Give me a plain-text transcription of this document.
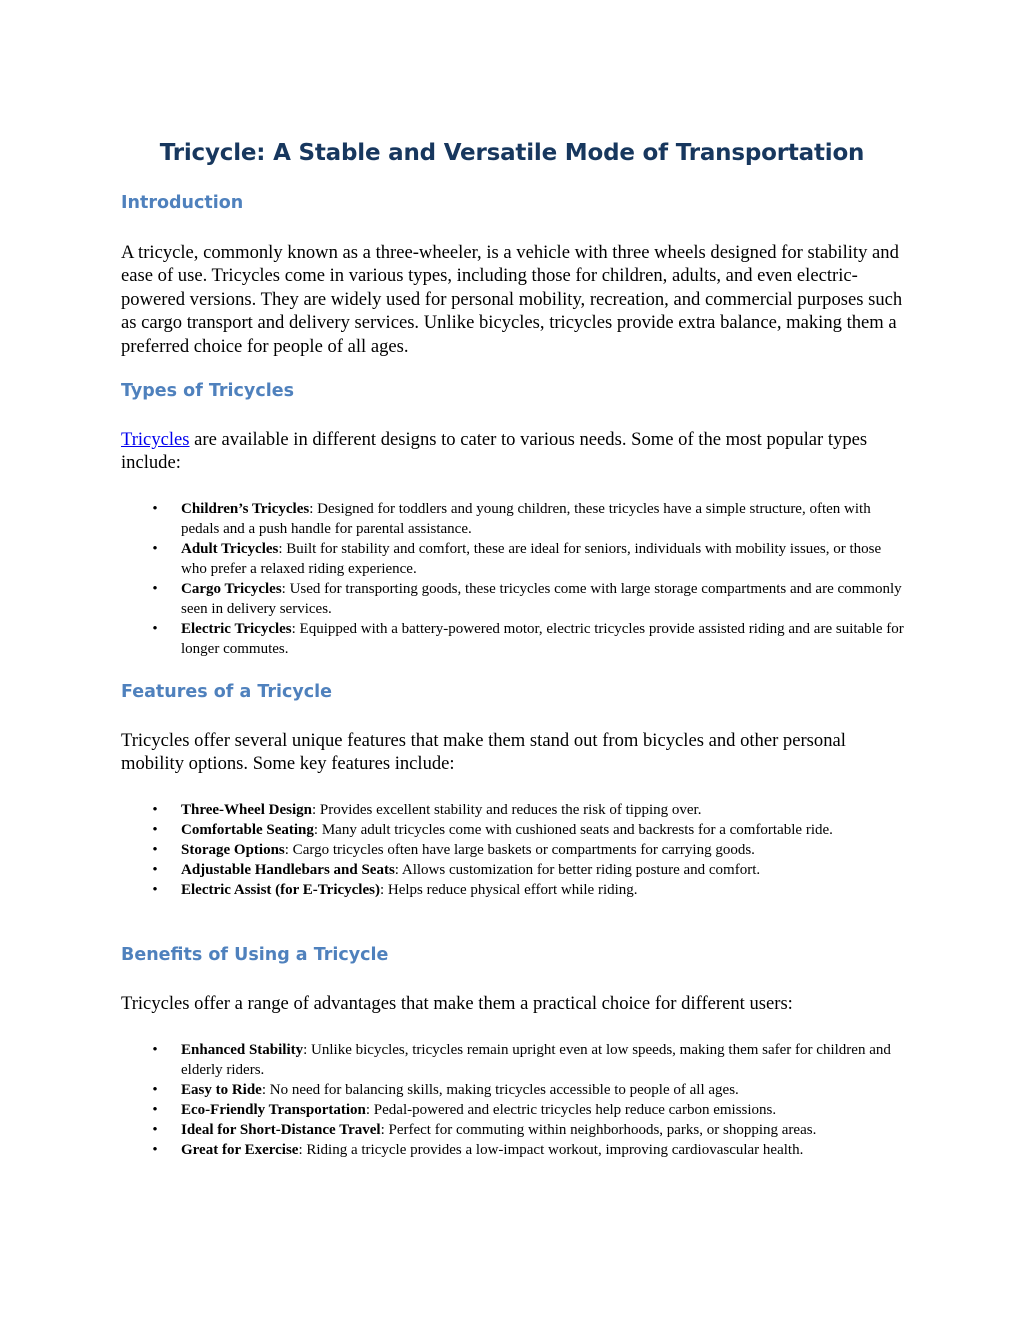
Tricycle: A Stable and Versatile Mode of Transportation
Introduction

A tricycle, commonly known as a three-wheeler, is a vehicle with three wheels designed for stability and ease of use. Tricycles come in various types, including those for children, adults, and even electric-powered versions. They are widely used for personal mobility, recreation, and commercial purposes such as cargo transport and delivery services. Unlike bicycles, tricycles provide extra balance, making them a preferred choice for people of all ages.

Types of Tricycles

Tricycles are available in different designs to cater to various needs. Some of the most popular types include:

• Children’s Tricycles: Designed for toddlers and young children, these tricycles have a simple structure, often with pedals and a push handle for parental assistance.
• Adult Tricycles: Built for stability and comfort, these are ideal for seniors, individuals with mobility issues, or those who prefer a relaxed riding experience.
• Cargo Tricycles: Used for transporting goods, these tricycles come with large storage compartments and are commonly seen in delivery services.
• Electric Tricycles: Equipped with a battery-powered motor, electric tricycles provide assisted riding and are suitable for longer commutes.
Features of a Tricycle

Tricycles offer several unique features that make them stand out from bicycles and other personal mobility options. Some key features include:

• Three-Wheel Design: Provides excellent stability and reduces the risk of tipping over.
• Comfortable Seating: Many adult tricycles come with cushioned seats and backrests for a comfortable ride.
• Storage Options: Cargo tricycles often have large baskets or compartments for carrying goods.
• Adjustable Handlebars and Seats: Allows customization for better riding posture and comfort.
• Electric Assist (for E-Tricycles): Helps reduce physical effort while riding.
Benefits of Using a Tricycle

Tricycles offer a range of advantages that make them a practical choice for different users:

• Enhanced Stability: Unlike bicycles, tricycles remain upright even at low speeds, making them safer for children and elderly riders.
• Easy to Ride: No need for balancing skills, making tricycles accessible to people of all ages.
• Eco-Friendly Transportation: Pedal-powered and electric tricycles help reduce carbon emissions.
• Ideal for Short-Distance Travel: Perfect for commuting within neighborhoods, parks, or shopping areas.
• Great for Exercise: Riding a tricycle provides a low-impact workout, improving cardiovascular health.
